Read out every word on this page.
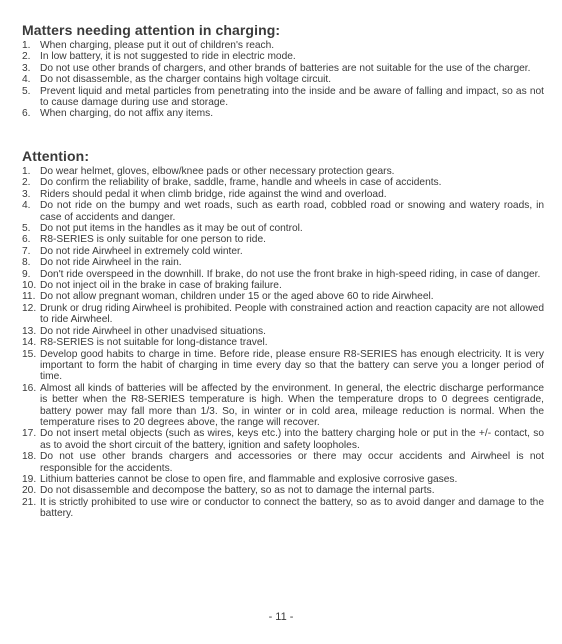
Matters needing attention in charging:
1. When charging, please put it out of children's reach.
2. In low battery, it is not suggested to ride in electric mode.
3. Do not use other brands of chargers, and other brands of batteries are not suitable for the use of the charger.
4. Do not disassemble, as the charger contains high voltage circuit.
5. Prevent liquid and metal particles from penetrating into the inside and be aware of falling and impact, so as not to cause damage during use and storage.
6. When charging, do not affix any items.
Attention:
1. Do wear helmet, gloves, elbow/knee pads or other necessary protection gears.
2. Do confirm the reliability of brake, saddle, frame, handle and wheels in case of accidents.
3. Riders should pedal it when climb bridge, ride against the wind and overload.
4. Do not ride on the bumpy and wet roads, such as earth road, cobbled road or snowing and watery roads, in case of accidents and danger.
5. Do not put items in the handles as it may be out of control.
6. R8-SERIES is only suitable for one person to ride.
7. Do not ride Airwheel in extremely cold winter.
8. Do not ride Airwheel in the rain.
9. Don't ride overspeed in the downhill. If brake, do not use the front brake in high-speed riding, in case of danger.
10. Do not inject oil in the brake in case of braking failure.
11. Do not allow pregnant woman, children under 15 or the aged above 60 to ride Airwheel.
12. Drunk or drug riding Airwheel is prohibited. People with constrained action and reaction capacity are not allowed to ride Airwheel.
13. Do not ride Airwheel in other unadvised situations.
14. R8-SERIES is not suitable for long-distance travel.
15. Develop good habits to charge in time. Before ride, please ensure R8-SERIES has enough electricity. It is very important to form the habit of charging in time every day so that the battery can serve you a longer period of time.
16. Almost all kinds of batteries will be affected by the environment. In general, the electric discharge performance is better when the R8-SERIES temperature is high. When the temperature drops to 0 degrees centigrade, battery power may fall more than 1/3. So, in winter or in cold area, mileage reduction is normal. When the temperature rises to 20 degrees above, the range will recover.
17. Do not insert metal objects (such as wires, keys etc.) into the battery charging hole or put in the +/- contact, so as to avoid the short circuit of the battery, ignition and safety loopholes.
18. Do not use other brands chargers and accessories or there may occur accidents and Airwheel is not responsible for the accidents.
19. Lithium batteries cannot be close to open fire, and flammable and explosive corrosive gases.
20. Do not disassemble and decompose the battery, so as not to damage the internal parts.
21. It is strictly prohibited to use wire or conductor to connect the battery, so as to avoid danger and damage to the battery.
- 11 -
